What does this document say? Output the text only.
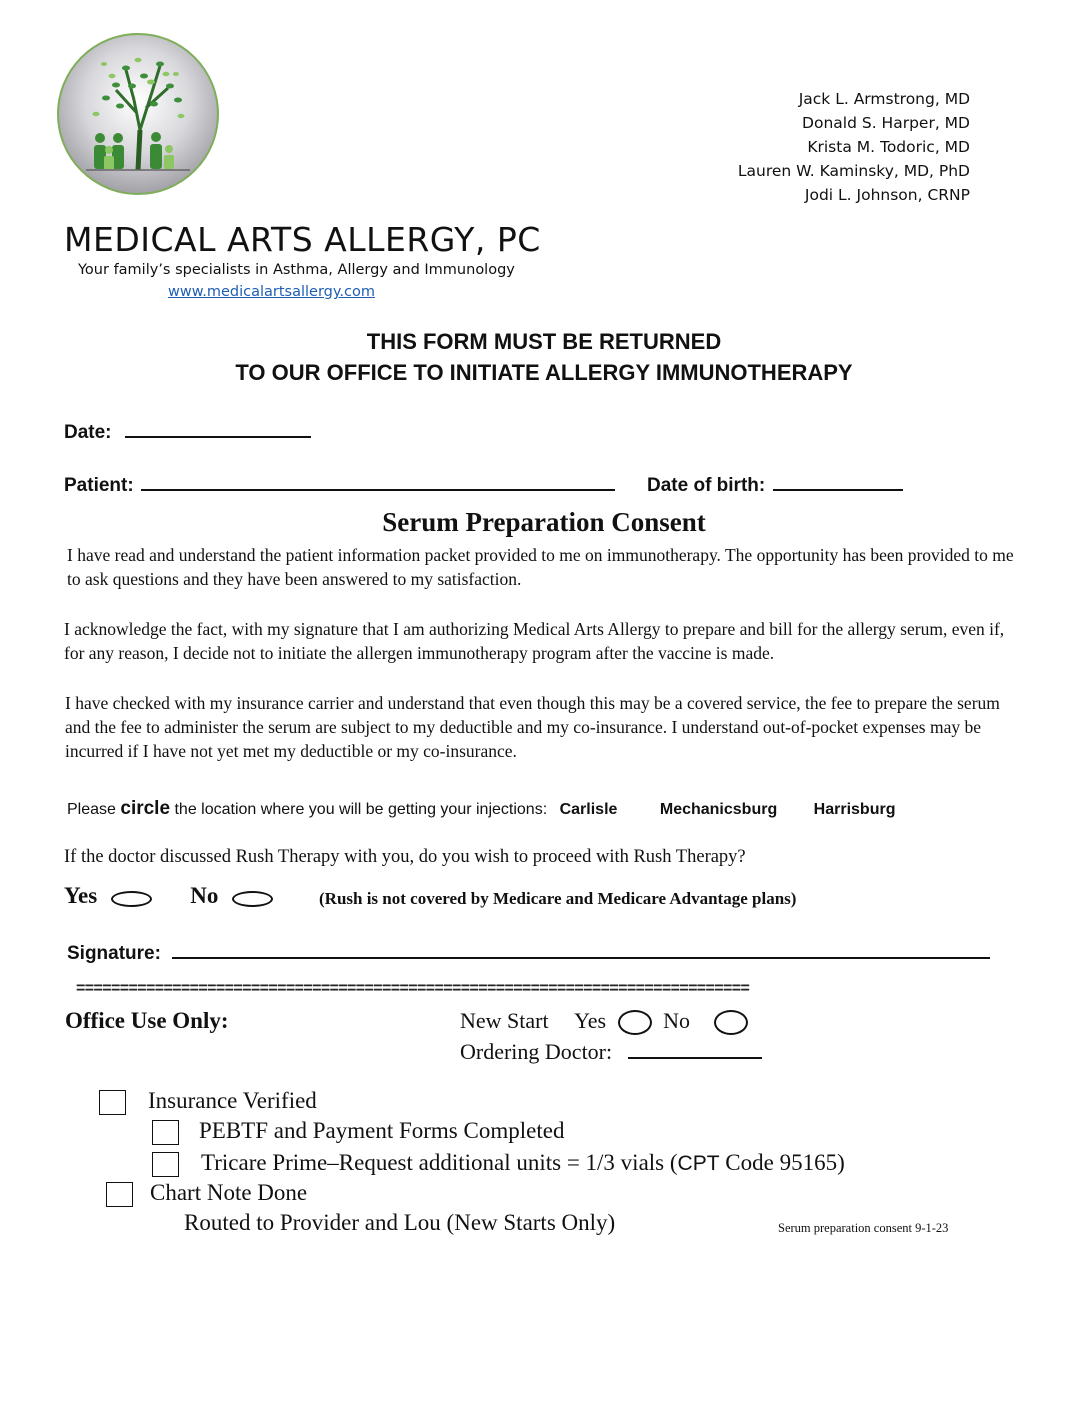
Jack L. Armstrong, MD
Donald S. Harper, MD
Krista M. Todoric, MD
Lauren W. Kaminsky, MD, PhD
Jodi L. Johnson, CRNP
MEDICAL ARTS ALLERGY, PC
Your family’s specialists in Asthma, Allergy and Immunology
www.medicalartsallergy.com
THIS FORM MUST BE RETURNED
TO OUR OFFICE TO INITIATE ALLERGY IMMUNOTHERAPY
Date:
Patient:	Date of birth:
Serum Preparation Consent
I have read and understand the patient information packet provided to me on immunotherapy. The opportunity has been provided to me to ask questions and they have been answered to my satisfaction.
I acknowledge the fact, with my signature that I am authorizing Medical Arts Allergy to prepare and bill for the allergy serum, even if, for any reason, I decide not to initiate the allergen immunotherapy program after the vaccine is made.
I have checked with my insurance carrier and understand that even though this may be a covered service, the fee to prepare the serum and the fee to administer the serum are subject to my deductible and my co-insurance. I understand out-of-pocket expenses may be incurred if I have not yet met my deductible or my co-insurance.
Please circle the location where you will be getting your injections: Carlisle	Mechanicsburg Harrisburg
If the doctor discussed Rush Therapy with you, do you wish to proceed with Rush Therapy?
Yes	No	(Rush is not covered by Medicare and Medicare Advantage plans)
Signature:
=============================================================================
Office Use Only:	New Start Yes	No
Ordering Doctor:
Insurance Verified
PEBTF and Payment Forms Completed
Tricare Prime–Request additional units = 1/3 vials (CPT Code 95165)
Chart Note Done
Routed to Provider and Lou (New Starts Only)	Serum preparation consent 9-1-23
